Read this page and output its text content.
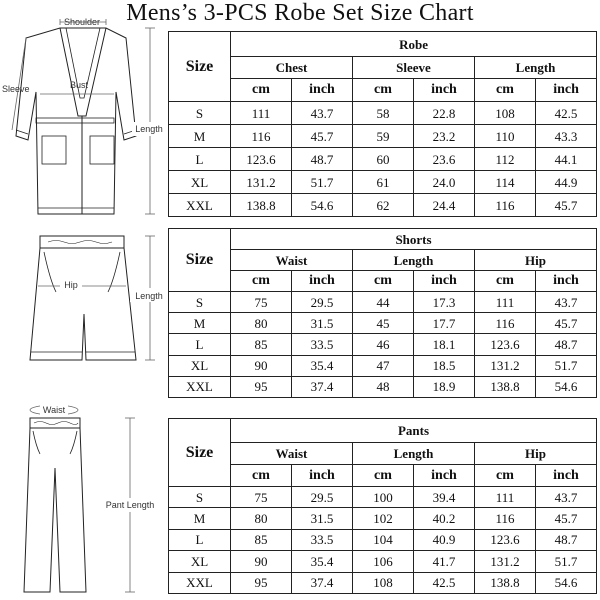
Mens’s 3-PCS Robe Set Size Chart
Shoulder
Bust
Sleeve
Length
Hip
Length
Waist
Pant Length
Size	Robe					
	Chest		Sleeve		Length	
	cm	inch	cm	inch	cm	inch
S	111	43.7	58	22.8	108	42.5
M	116	45.7	59	23.2	110	43.3
L	123.6	48.7	60	23.6	112	44.1
XL	131.2	51.7	61	24.0	114	44.9
XXL	138.8	54.6	62	24.4	116	45.7
Size	Shorts					
	Waist		Length		Hip	
	cm	inch	cm	inch	cm	inch
S	75	29.5	44	17.3	111	43.7
M	80	31.5	45	17.7	116	45.7
L	85	33.5	46	18.1	123.6	48.7
XL	90	35.4	47	18.5	131.2	51.7
XXL	95	37.4	48	18.9	138.8	54.6
Size	Pants					
	Waist		Length		Hip	
	cm	inch	cm	inch	cm	inch
S	75	29.5	100	39.4	111	43.7
M	80	31.5	102	40.2	116	45.7
L	85	33.5	104	40.9	123.6	48.7
XL	90	35.4	106	41.7	131.2	51.7
XXL	95	37.4	108	42.5	138.8	54.6
